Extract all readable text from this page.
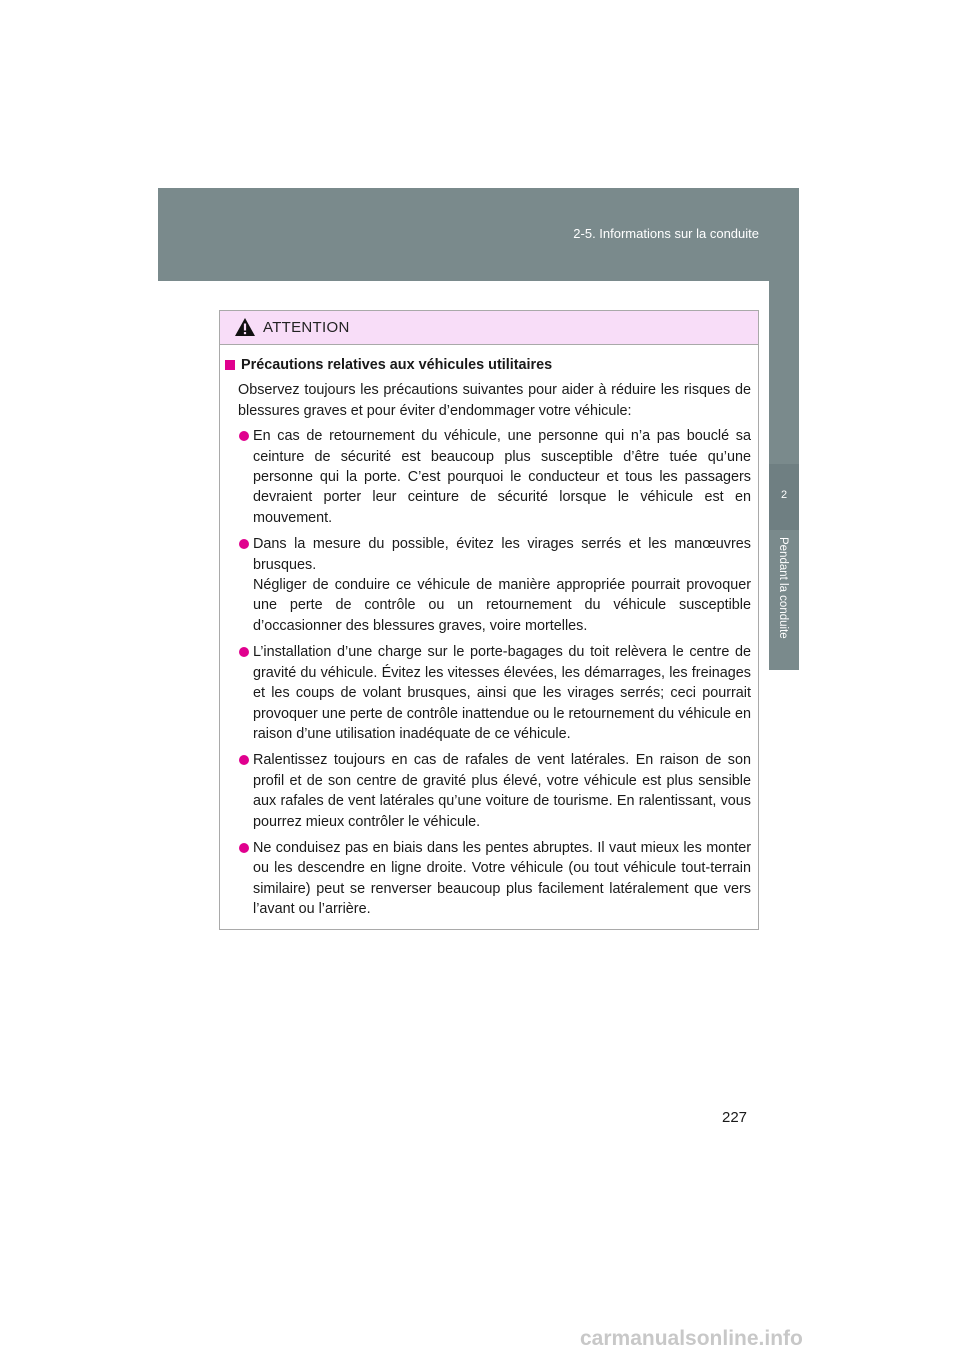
2-5. Informations sur la conduite
2
Pendant la conduite
ATTENTION
Précautions relatives aux véhicules utilitaires
Observez toujours les précautions suivantes pour aider à réduire les risques de blessures graves et pour éviter d’endommager votre véhicule:
En cas de retournement du véhicule, une personne qui n’a pas bouclé sa ceinture de sécurité est beaucoup plus susceptible d’être tuée qu’une personne qui la porte. C’est pourquoi le conducteur et tous les passagers devraient porter leur ceinture de sécurité lorsque le véhicule est en mouvement.
Dans la mesure du possible, évitez les virages serrés et les manœuvres brusques.
Négliger de conduire ce véhicule de manière appropriée pourrait provoquer une perte de contrôle ou un retournement du véhicule susceptible d’occasionner des blessures graves, voire mortelles.
L’installation d’une charge sur le porte-bagages du toit relèvera le centre de gravité du véhicule. Évitez les vitesses élevées, les démarrages, les freinages et les coups de volant brusques, ainsi que les virages serrés; ceci pourrait provoquer une perte de contrôle inattendue ou le retournement du véhicule en raison d’une utilisation inadéquate de ce véhicule.
Ralentissez toujours en cas de rafales de vent latérales. En raison de son profil et de son centre de gravité plus élevé, votre véhicule est plus sensible aux rafales de vent latérales qu’une voiture de tourisme. En ralentissant, vous pourrez mieux contrôler le véhicule.
Ne conduisez pas en biais dans les pentes abruptes. Il vaut mieux les monter ou les descendre en ligne droite. Votre véhicule (ou tout véhicule tout-terrain similaire) peut se renverser beaucoup plus facilement latéralement que vers l’avant ou l’arrière.
227
carmanualsonline.info
